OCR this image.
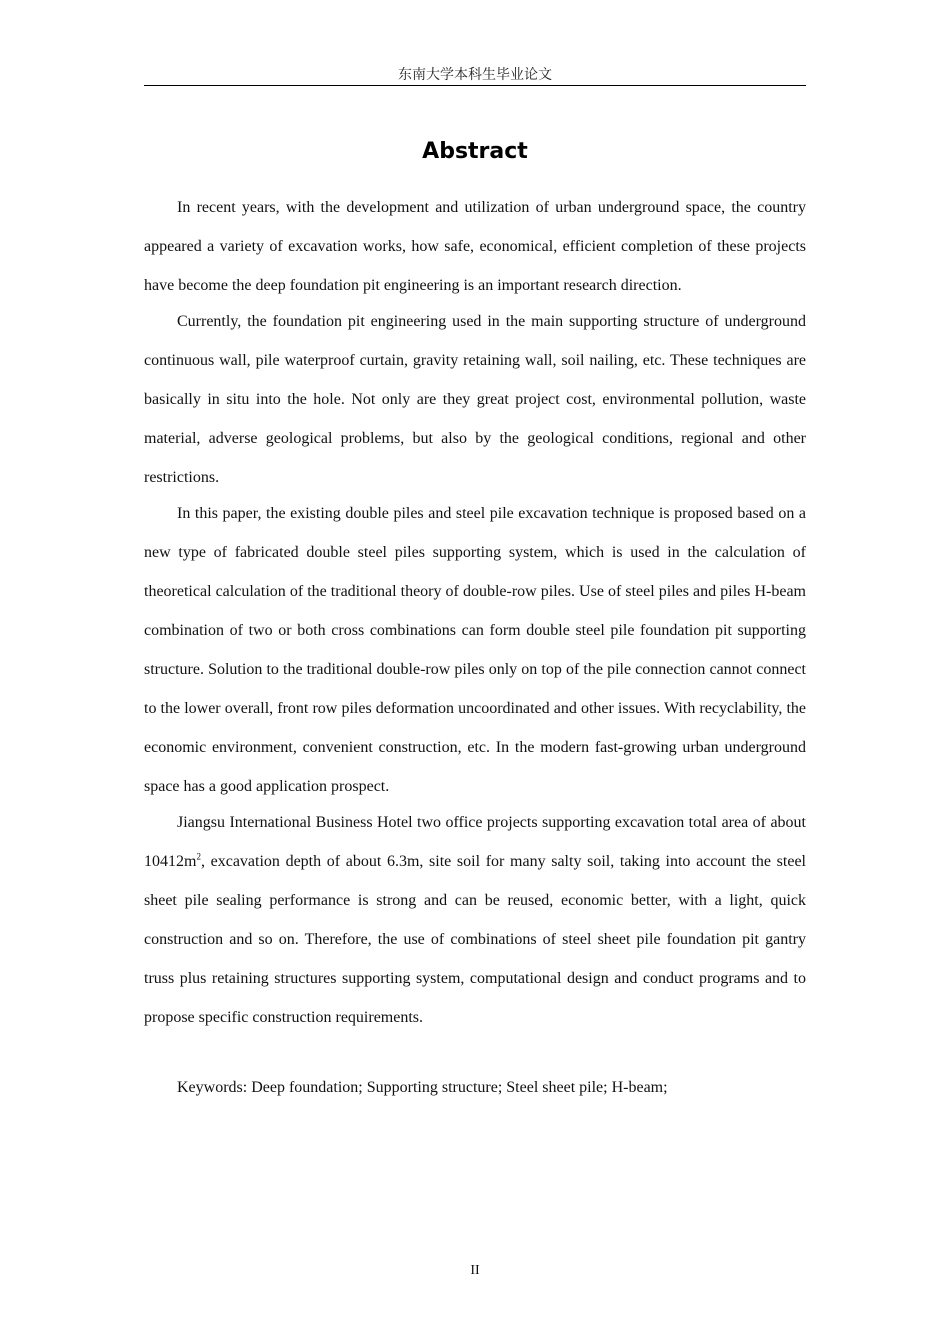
东南大学本科生毕业论文
Abstract

In recent years, with the development and utilization of urban underground space, the country appeared a variety of excavation works, how safe, economical, efficient completion of these projects have become the deep foundation pit engineering is an important research direction.

Currently, the foundation pit engineering used in the main supporting structure of underground continuous wall, pile waterproof curtain, gravity retaining wall, soil nailing, etc. These techniques are basically in situ into the hole. Not only are they great project cost, environmental pollution, waste material, adverse geological problems, but also by the geological conditions, regional and other restrictions.

In this paper, the existing double piles and steel pile excavation technique is proposed based on a new type of fabricated double steel piles supporting system, which is used in the calculation of theoretical calculation of the traditional theory of double-row piles. Use of steel piles and piles H-beam combination of two or both cross combinations can form double steel pile foundation pit supporting structure. Solution to the traditional double-row piles only on top of the pile connection cannot connect to the lower overall, front row piles deformation uncoordinated and other issues. With recyclability, the economic environment, convenient construction, etc. In the modern fast-growing urban underground space has a good application prospect.

Jiangsu International Business Hotel two office projects supporting excavation total area of about $10412m^2$, excavation depth of about 6.3m, site soil for many salty soil, taking into account the steel sheet pile sealing performance is strong and can be reused, economic better, with a light, quick construction and so on. Therefore, the use of combinations of steel sheet pile foundation pit gantry truss plus retaining structures supporting system, computational design and conduct programs and to propose specific construction requirements.

Keywords: Deep foundation; Supporting structure; Steel sheet pile; H-beam;
II
